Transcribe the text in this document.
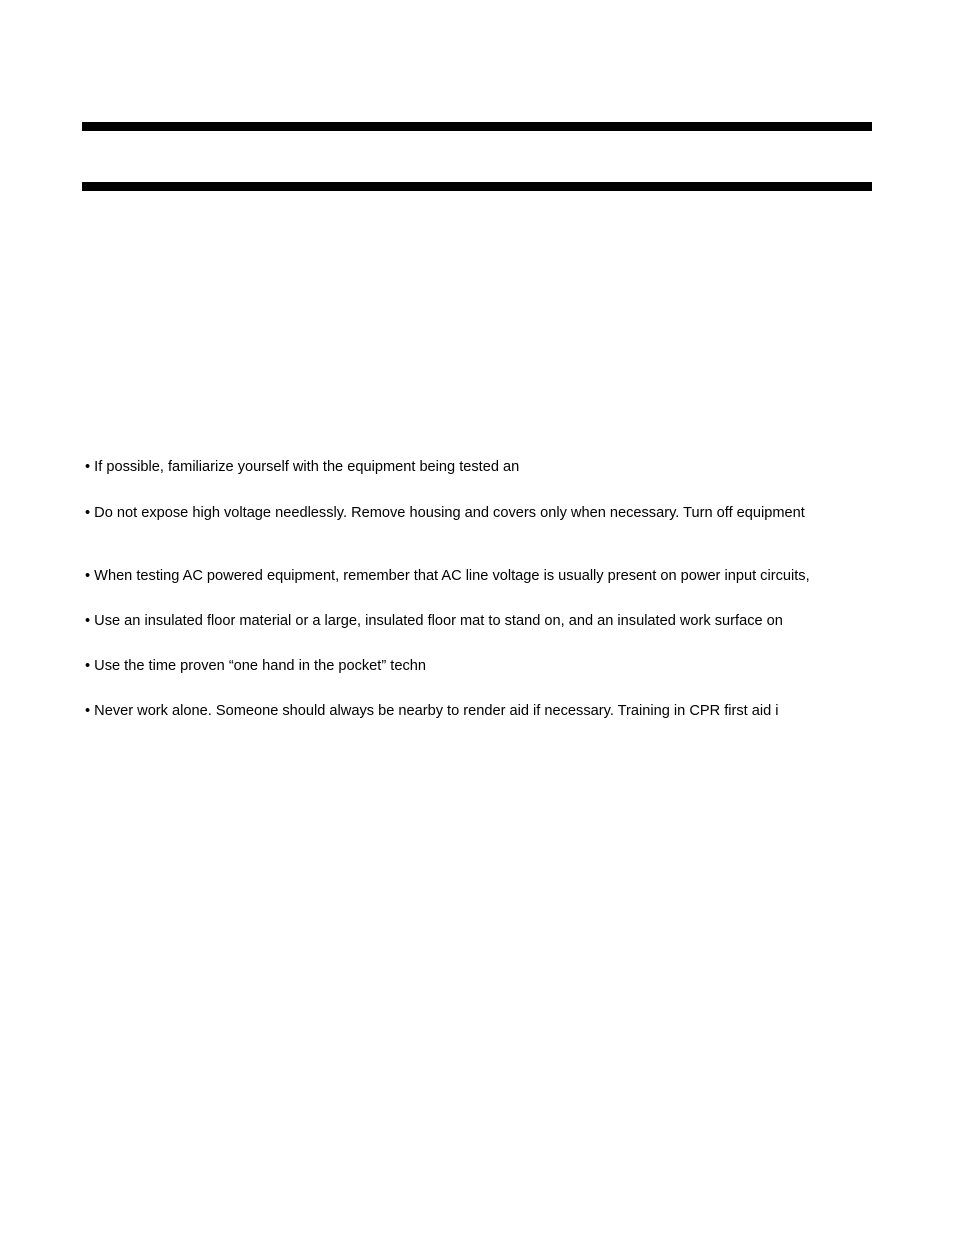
• If possible, familiarize yourself with the equipment being tested an
• Do not expose high voltage needlessly. Remove housing and covers only when necessary. Turn off equipment
• When testing AC powered equipment, remember that AC line voltage is usually present on power input circuits,
• Use an insulated floor material or a large, insulated floor mat to stand on, and an insulated work surface on
• Use the time proven “one hand in the pocket” techn
• Never work alone. Someone should always be nearby to render aid if necessary. Training in CPR first aid i
